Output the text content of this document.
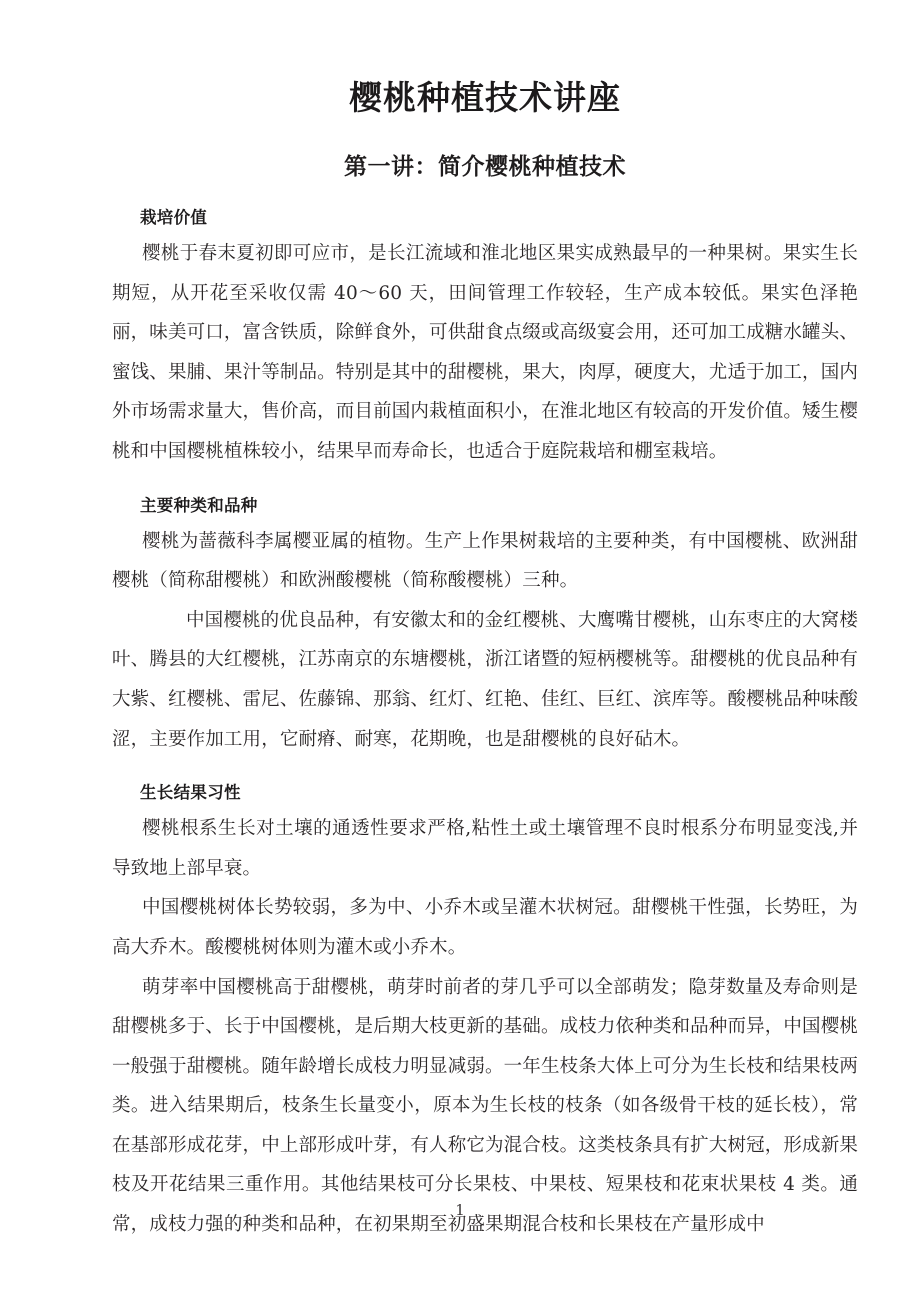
樱桃种植技术讲座
第一讲：简介樱桃种植技术
栽培价值

樱桃于春末夏初即可应市，是长江流域和淮北地区果实成熟最早的一种果树。果实生长期短，从开花至采收仅需 40～60 天，田间管理工作较轻，生产成本较低。果实色泽艳丽，味美可口，富含铁质，除鲜食外，可供甜食点缀或高级宴会用，还可加工成糖水罐头、蜜饯、果脯、果汁等制品。特别是其中的甜樱桃，果大，肉厚，硬度大，尤适于加工，国内外市场需求量大，售价高，而目前国内栽植面积小，在淮北地区有较高的开发价值。矮生樱桃和中国樱桃植株较小，结果早而寿命长，也适合于庭院栽培和棚室栽培。

主要种类和品种

樱桃为蔷薇科李属樱亚属的植物。生产上作果树栽培的主要种类，有中国樱桃、欧洲甜樱桃（简称甜樱桃）和欧洲酸樱桃（简称酸樱桃）三种。

中国樱桃的优良品种，有安徽太和的金红樱桃、大鹰嘴甘樱桃，山东枣庄的大窝楼叶、腾县的大红樱桃，江苏南京的东塘樱桃，浙江诸暨的短柄樱桃等。甜樱桃的优良品种有大紫、红樱桃、雷尼、佐藤锦、那翁、红灯、红艳、佳红、巨红、滨库等。酸樱桃品种味酸涩，主要作加工用，它耐瘠、耐寒，花期晚，也是甜樱桃的良好砧木。

生长结果习性

樱桃根系生长对土壤的通透性要求严格,粘性土或土壤管理不良时根系分布明显变浅,并导致地上部早衰。

中国樱桃树体长势较弱，多为中、小乔木或呈灌木状树冠。甜樱桃干性强，长势旺，为高大乔木。酸樱桃树体则为灌木或小乔木。

萌芽率中国樱桃高于甜樱桃，萌芽时前者的芽几乎可以全部萌发；隐芽数量及寿命则是甜樱桃多于、长于中国樱桃，是后期大枝更新的基础。成枝力依种类和品种而异，中国樱桃一般强于甜樱桃。随年龄增长成枝力明显减弱。一年生枝条大体上可分为生长枝和结果枝两类。进入结果期后，枝条生长量变小，原本为生长枝的枝条（如各级骨干枝的延长枝），常在基部形成花芽，中上部形成叶芽，有人称它为混合枝。这类枝条具有扩大树冠，形成新果枝及开花结果三重作用。其他结果枝可分长果枝、中果枝、短果枝和花束状果枝 4 类。通常，成枝力强的种类和品种，在初果期至初盛果期混合枝和长果枝在产量形成中

1
